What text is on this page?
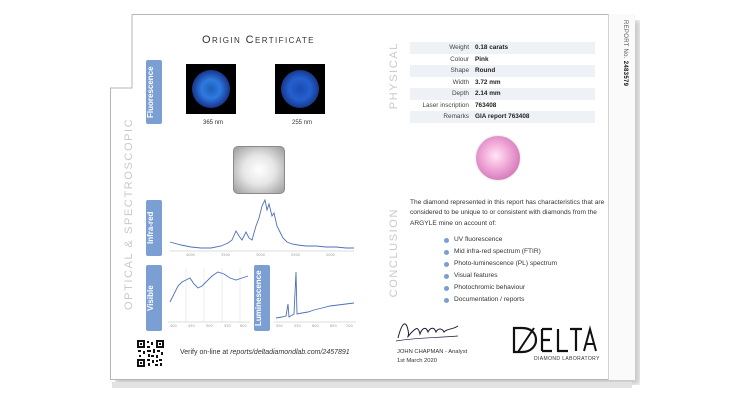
REPORT No. 2483579
Origin Certificate
OPTICAL & SPECTROSCOPIC
PHYSICAL
CONCLUSION
Fluorescence
365 nm	255 nm
Infra-red
4000	3500	3000	2500	2000
Visible
400	450	500	550	600
Luminescence
500	550	600	650	700
Verify on-line at reports/deltadiamondlab.com/2457891
Weight	0.18 carats
Colour	Pink
Shape	Round
Width	3.72 mm
Depth	2.14 mm
Laser inscription	763408
Remarks	GIA report 763408
The diamond represented in this report has characteristics that are considered to be unique to or consistent with diamonds from the ARGYLE mine on account of:
UV fluorescence
Mid infra-red spectrum (FTIR)
Photo-luminescence (PL) spectrum
Visual features
Photochromic behaviour
Documentation / reports
JOHN CHAPMAN - Analyst
1st March 2020	DIAMOND LABORATORY
